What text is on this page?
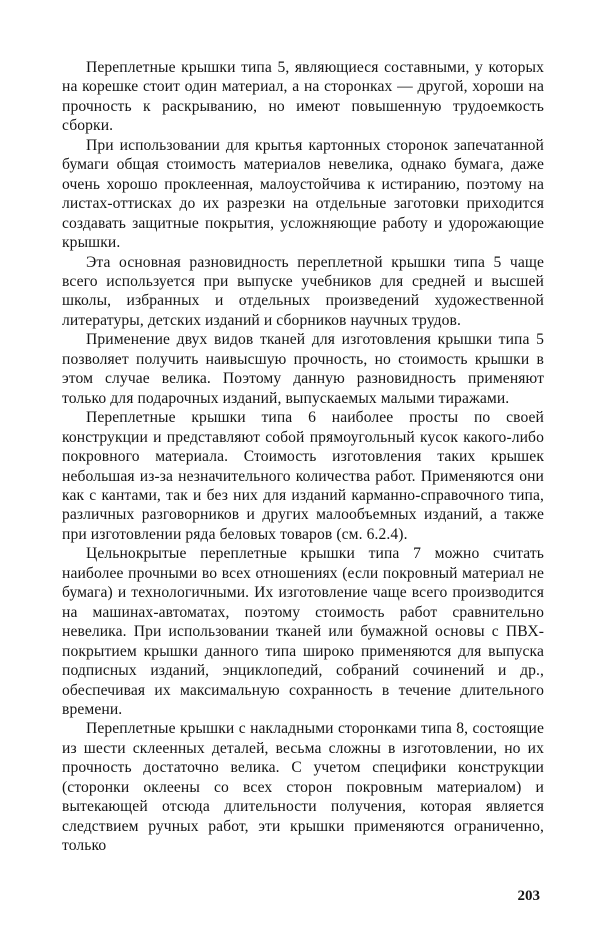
Переплетные крышки типа 5, являющиеся составными, у которых на корешке стоит один материал, а на сторонках — другой, хороши на прочность к раскрыванию, но имеют повышенную трудоемкость сборки.

При использовании для крытья картонных сторонок запечатанной бумаги общая стоимость материалов невелика, однако бумага, даже очень хорошо проклеенная, малоустойчива к истиранию, поэтому на листах-оттисках до их разрезки на отдельные заготовки приходится создавать защитные покрытия, усложняющие работу и удорожающие крышки.

Эта основная разновидность переплетной крышки типа 5 чаще всего используется при выпуске учебников для средней и высшей школы, избранных и отдельных произведений художественной литературы, детских изданий и сборников научных трудов.

Применение двух видов тканей для изготовления крышки типа 5 позволяет получить наивысшую прочность, но стоимость крышки в этом случае велика. Поэтому данную разновидность применяют только для подарочных изданий, выпускаемых малыми тиражами.

Переплетные крышки типа 6 наиболее просты по своей конструкции и представляют собой прямоугольный кусок какого-либо покровного материала. Стоимость изготовления таких крышек небольшая из-за незначительного количества работ. Применяются они как с кантами, так и без них для изданий карманно-справочного типа, различных разговорников и других малообъемных изданий, а также при изготовлении ряда беловых товаров (см. 6.2.4).

Цельнокрытые переплетные крышки типа 7 можно считать наиболее прочными во всех отношениях (если покровный материал не бумага) и технологичными. Их изготовление чаще всего производится на машинах-автоматах, поэтому стоимость работ сравнительно невелика. При использовании тканей или бумажной основы с ПВХ-покрытием крышки данного типа широко применяются для выпуска подписных изданий, энциклопедий, собраний сочинений и др., обеспечивая их максимальную сохранность в течение длительного времени.

Переплетные крышки с накладными сторонками типа 8, состоящие из шести склеенных деталей, весьма сложны в изготовлении, но их прочность достаточно велика. С учетом специфики конструкции (сторонки оклеены со всех сторон покровным материалом) и вытекающей отсюда длительности получения, которая является следствием ручных работ, эти крышки применяются ограниченно, только

203
